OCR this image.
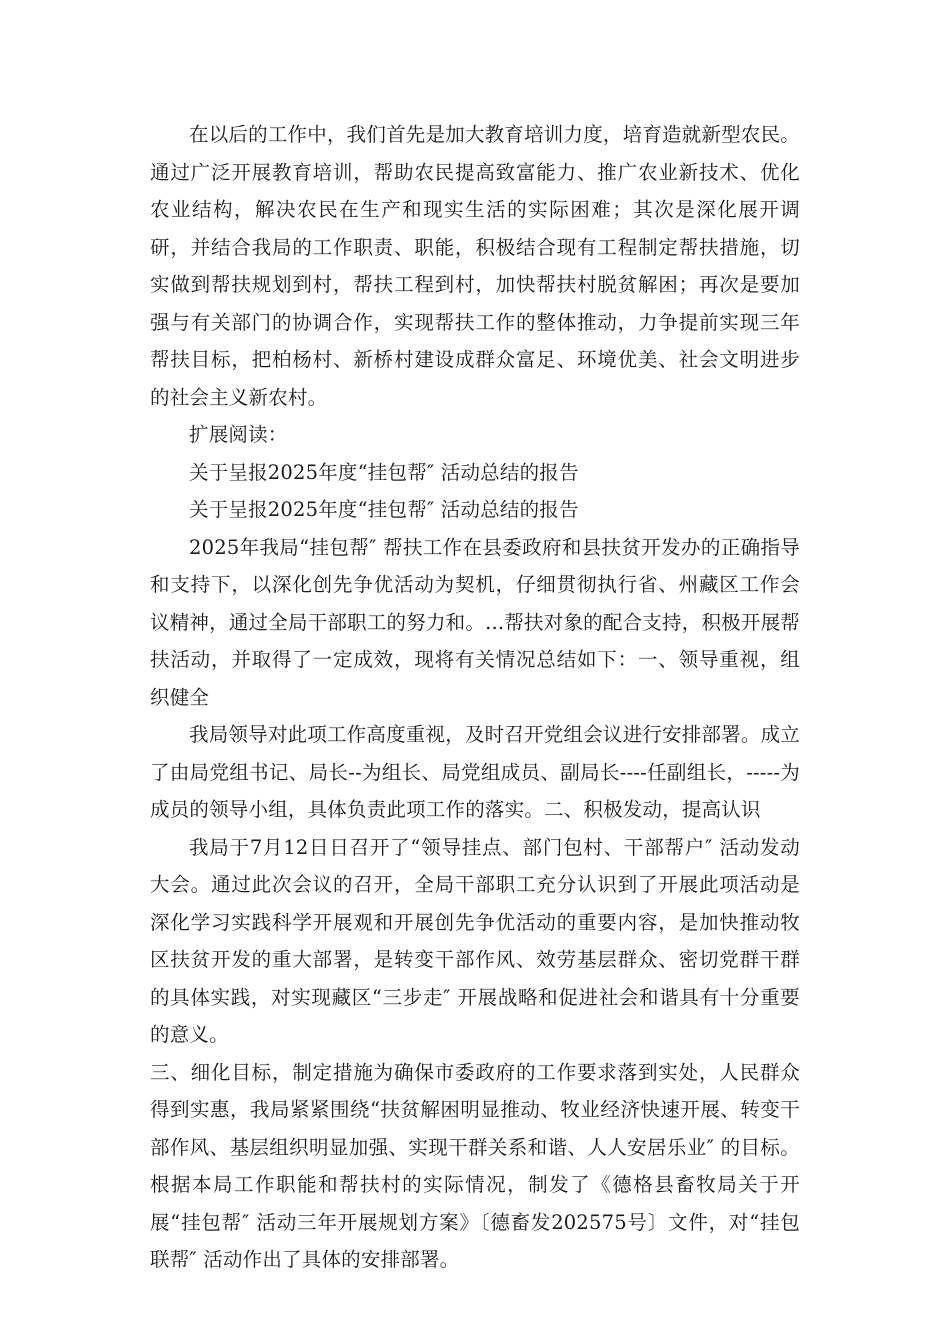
在以后的工作中，我们首先是加大教育培训力度，培育造就新型农民。通过广泛开展教育培训，帮助农民提高致富能力、推广农业新技术、优化农业结构，解决农民在生产和现实生活的实际困难；其次是深化展开调研，并结合我局的工作职责、职能，积极结合现有工程制定帮扶措施，切实做到帮扶规划到村，帮扶工程到村，加快帮扶村脱贫解困；再次是要加强与有关部门的协调合作，实现帮扶工作的整体推动，力争提前实现三年帮扶目标，把柏杨村、新桥村建设成群众富足、环境优美、社会文明进步的社会主义新农村。

扩展阅读：

关于呈报2025年度“挂包帮″ 活动总结的报告

关于呈报2025年度“挂包帮″ 活动总结的报告

2025年我局“挂包帮″ 帮扶工作在县委政府和县扶贫开发办的正确指导和支持下，以深化创先争优活动为契机，仔细贯彻执行省、州藏区工作会议精神，通过全局干部职工的努力和。...帮扶对象的配合支持，积极开展帮扶活动，并取得了一定成效，现将有关情况总结如下：一、领导重视，组织健全

我局领导对此项工作高度重视，及时召开党组会议进行安排部署。成立了由局党组书记、局长--为组长、局党组成员、副局长----任副组长，-----为成员的领导小组，具体负责此项工作的落实。二、积极发动，提高认识

我局于7月12日日召开了“领导挂点、部门包村、干部帮户″ 活动发动大会。通过此次会议的召开，全局干部职工充分认识到了开展此项活动是深化学习实践科学开展观和开展创先争优活动的重要内容，是加快推动牧区扶贫开发的重大部署，是转变干部作风、效劳基层群众、密切党群干群的具体实践，对实现藏区“三步走″ 开展战略和促进社会和谐具有十分重要的意义。

三、细化目标，制定措施为确保市委政府的工作要求落到实处，人民群众得到实惠，我局紧紧围绕“扶贫解困明显推动、牧业经济快速开展、转变干部作风、基层组织明显加强、实现干群关系和谐、人人安居乐业″ 的目标。根据本局工作职能和帮扶村的实际情况，制发了《德格县畜牧局关于开展“挂包帮″ 活动三年开展规划方案》〔德畜发202575号〕文件，对“挂包联帮″ 活动作出了具体的安排部署。
